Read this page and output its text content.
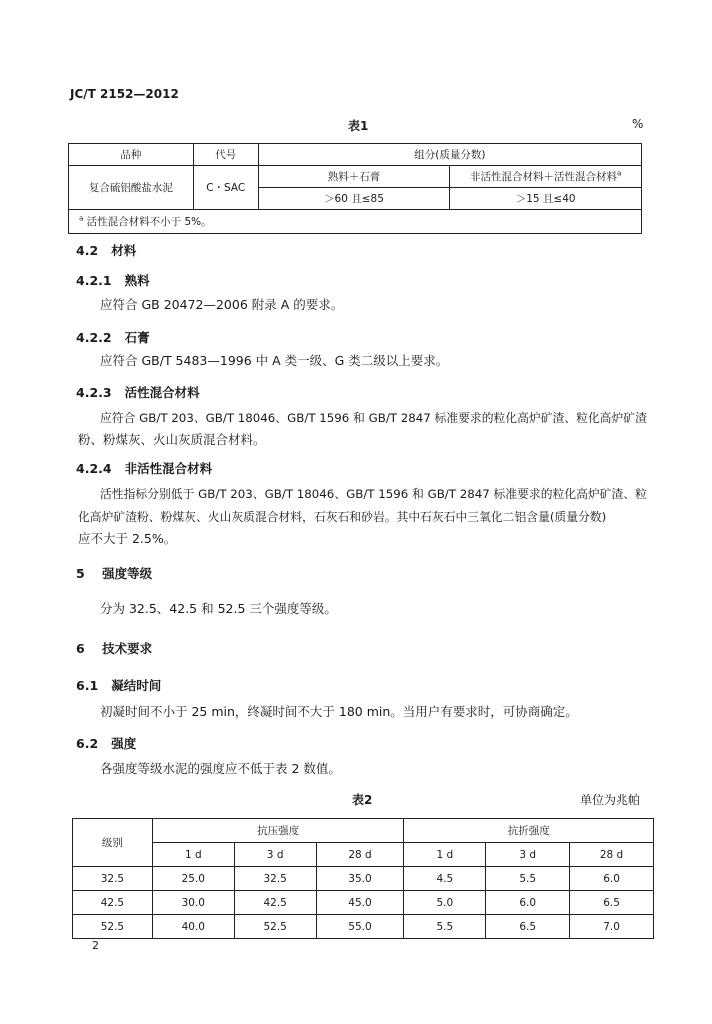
JC/T 2152—2012
表1	%
品种	代号	组分(质量分数)	
复合硫铝酸盐水泥	C・SAC	熟料＋石膏	非活性混合材料＋活性混合材料$^a$
		＞60 且≤85	＞15 且≤40
$^a$ 活性混合材料不小于 5%。			
4.2 材料
4.2.1 熟料
应符合 GB 20472—2006 附录 A 的要求。
4.2.2 石膏
应符合 GB/T 5483—1996 中 A 类一级、G 类二级以上要求。
4.2.3 活性混合材料
应符合 GB/T 203、GB/T 18046、GB/T 1596 和 GB/T 2847 标准要求的粒化高炉矿渣、粒化高炉矿渣
粉、粉煤灰、火山灰质混合材料。
4.2.4 非活性混合材料
活性指标分别低于 GB/T 203、GB/T 18046、GB/T 1596 和 GB/T 2847 标准要求的粒化高炉矿渣、粒
化高炉矿渣粉、粉煤灰、火山灰质混合材料，石灰石和砂岩。其中石灰石中三氧化二铝含量(质量分数)
应不大于 2.5%。
5 强度等级
分为 32.5、42.5 和 52.5 三个强度等级。
6 技术要求
6.1 凝结时间
初凝时间不小于 25 min，终凝时间不大于 180 min。当用户有要求时，可协商确定。
6.2 强度
各强度等级水泥的强度应不低于表 2 数值。
表2	单位为兆帕
级别	抗压强度			抗折强度		
	1 d	3 d	28 d	1 d	3 d	28 d
32.5	25.0	32.5	35.0	4.5	5.5	6.0
42.5	30.0	42.5	45.0	5.0	6.0	6.5
52.5	40.0	52.5	55.0	5.5	6.5	7.0
2
